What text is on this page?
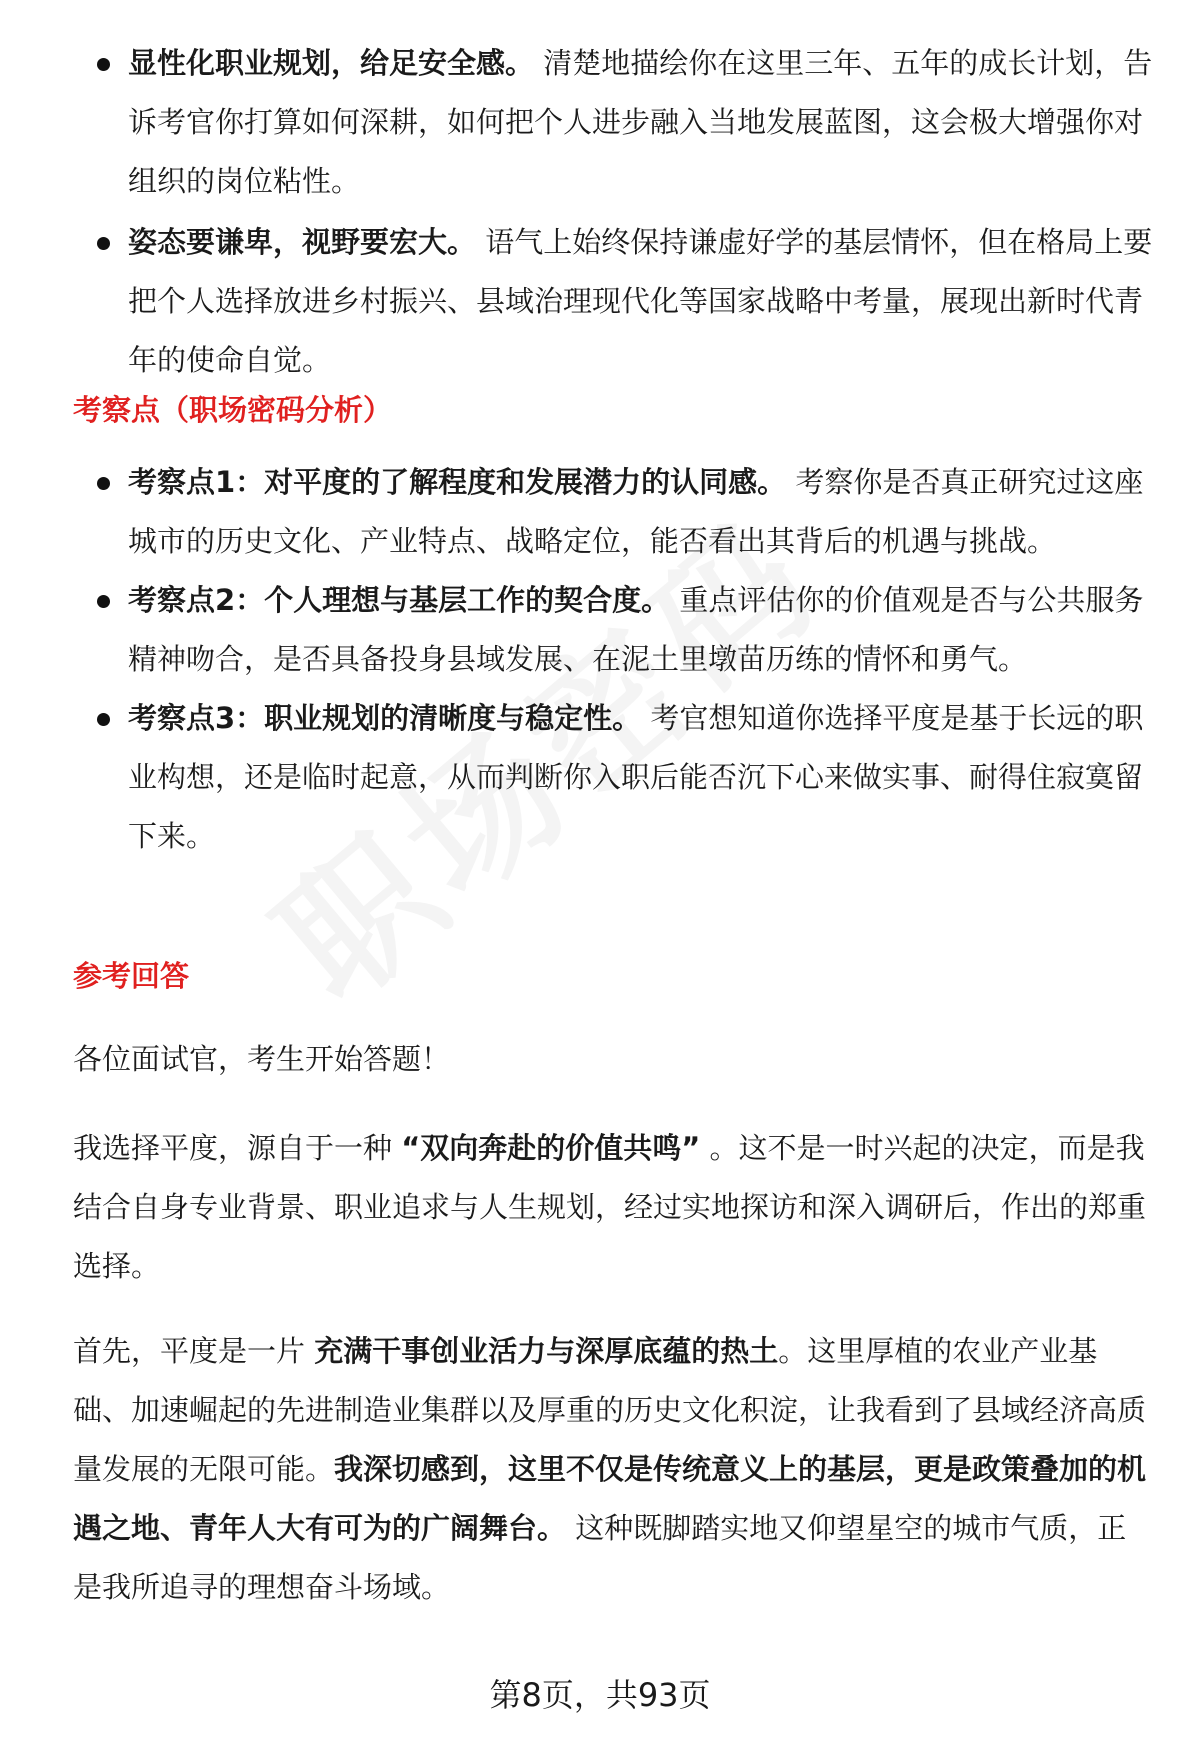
显性化职业规划，给足安全感。 清楚地描绘你在这里三年、五年的成长计划，告诉考官你打算如何深耕，如何把个人进步融入当地发展蓝图，这会极大增强你对组织的岗位粘性。
姿态要谦卑，视野要宏大。 语气上始终保持谦虚好学的基层情怀，但在格局上要把个人选择放进乡村振兴、县域治理现代化等国家战略中考量，展现出新时代青年的使命自觉。
考察点（职场密码分析）
考察点1：对平度的了解程度和发展潜力的认同感。 考察你是否真正研究过这座城市的历史文化、产业特点、战略定位，能否看出其背后的机遇与挑战。
考察点2：个人理想与基层工作的契合度。 重点评估你的价值观是否与公共服务精神吻合，是否具备投身县域发展、在泥土里墩苗历练的情怀和勇气。
考察点3：职业规划的清晰度与稳定性。 考官想知道你选择平度是基于长远的职业构想，还是临时起意，从而判断你入职后能否沉下心来做实事、耐得住寂寞留下来。
参考回答
各位面试官，考生开始答题！
我选择平度，源自于一种 “双向奔赴的价值共鸣” 。这不是一时兴起的决定，而是我结合自身专业背景、职业追求与人生规划，经过实地探访和深入调研后，作出的郑重选择。
首先，平度是一片 充满干事创业活力与深厚底蕴的热土。这里厚植的农业产业基础、加速崛起的先进制造业集群以及厚重的历史文化积淀，让我看到了县域经济高质量发展的无限可能。我深切感到，这里不仅是传统意义上的基层，更是政策叠加的机遇之地、青年人大有可为的广阔舞台。 这种既脚踏实地又仰望星空的城市气质，正是我所追寻的理想奋斗场域。
第8页，共93页
